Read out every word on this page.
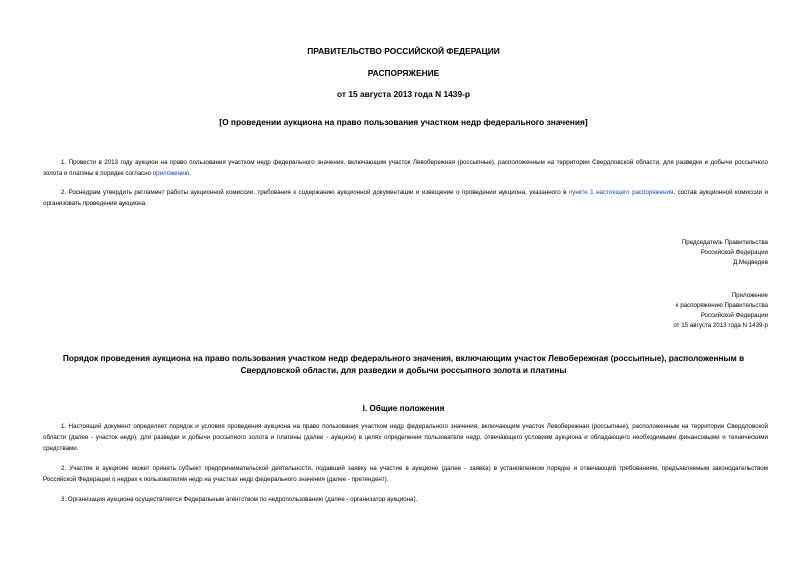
ПРАВИТЕЛЬСТВО РОССИЙСКОЙ ФЕДЕРАЦИИ
РАСПОРЯЖЕНИЕ
от 15 августа 2013 года N 1439-р
[О проведении аукциона на право пользования участком недр федерального значения]
1. Провести в 2013 году аукцион на право пользования участком недр федерального значения, включающим участок Левобережная (россыпные), расположенным на территории Свердловской области, для разведки и добычи россыпного золота и платины в порядке согласно приложению.
2. Роснедрам утвердить регламент работы аукционной комиссии, требования к содержанию аукционной документации и извещение о проведении аукциона, указанного в пункте 1 настоящего распоряжения, состав аукционной комиссии и организовать проведение аукциона.
Председатель Правительства
Российской Федерации
Д.Медведев
Приложение
к распоряжению Правительства
Российской Федерации
от 15 августа 2013 года N 1439-р
Порядок проведения аукциона на право пользования участком недр федерального значения, включающим участок Левобережная (россыпные), расположенным в
Свердловской области, для разведки и добычи россыпного золота и платины
I. Общие положения
1. Настоящий документ определяет порядок и условия проведения аукциона на право пользования участком недр федерального значения, включающим участок Левобережная (россыпные), расположенным на территории Свердловской области (далее - участок недр), для разведки и добычи россыпного золота и платины (далее - аукцион) в целях определения пользователя недр, отвечающего условиям аукциона и обладающего необходимыми финансовыми и техническими средствами.
2. Участие в аукционе может принять субъект предпринимательской деятельности, подавший заявку на участие в аукционе (далее - заявка) в установленном порядке и отвечающий требованиям, предъявляемым законодательством Российской Федерации о недрах к пользователям недр на участках недр федерального значения (далее - претендент).
3. Организация аукциона осуществляется Федеральным агентством по недропользованию (далее - организатор аукциона).
